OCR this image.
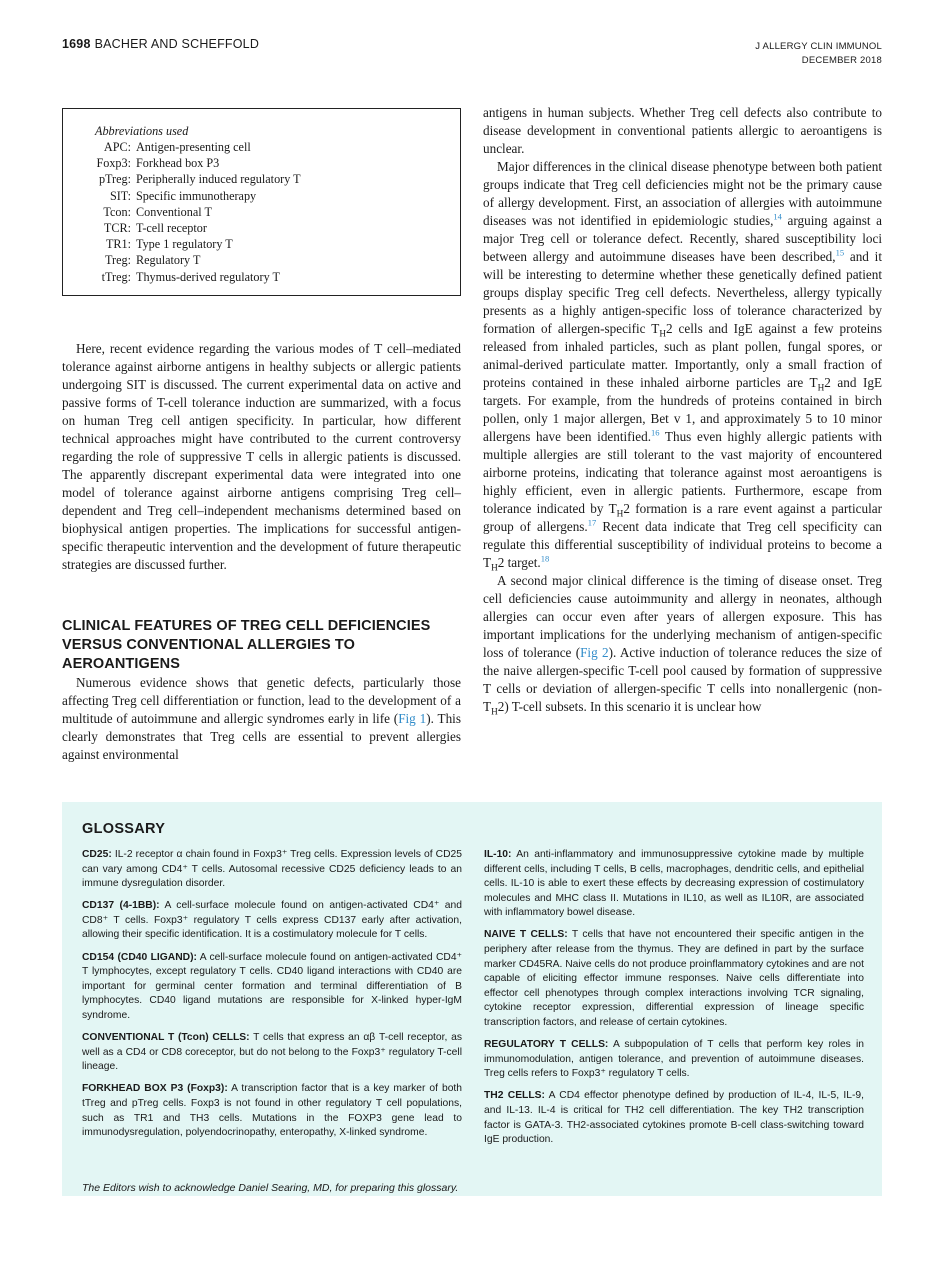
1698 BACHER AND SCHEFFOLD	J ALLERGY CLIN IMMUNOL
DECEMBER 2018
Abbreviations used
APC:	Antigen-presenting cell
Foxp3:	Forkhead box P3
pTreg:	Peripherally induced regulatory T
SIT:	Specific immunotherapy
Tcon:	Conventional T
TCR:	T-cell receptor
TR1:	Type 1 regulatory T
Treg:	Regulatory T
tTreg:	Thymus-derived regulatory T

Here, recent evidence regarding the various modes of T cell–mediated tolerance against airborne antigens in healthy subjects or allergic patients undergoing SIT is discussed. The current experimental data on active and passive forms of T-cell tolerance induction are summarized, with a focus on human Treg cell antigen specificity. In particular, how different technical approaches might have contributed to the current controversy regarding the role of suppressive T cells in allergic patients is discussed. The apparently discrepant experimental data were integrated into one model of tolerance against airborne antigens comprising Treg cell–dependent and Treg cell–independent mechanisms determined based on biophysical antigen properties. The implications for successful antigen-specific therapeutic intervention and the development of future therapeutic strategies are discussed further.

CLINICAL FEATURES OF TREG CELL DEFICIENCIES VERSUS CONVENTIONAL ALLERGIES TO AEROANTIGENS

Numerous evidence shows that genetic defects, particularly those affecting Treg cell differentiation or function, lead to the development of a multitude of autoimmune and allergic syndromes early in life (Fig 1). This clearly demonstrates that Treg cells are essential to prevent allergies against environmental

antigens in human subjects. Whether Treg cell defects also contribute to disease development in conventional patients allergic to aeroantigens is unclear.

Major differences in the clinical disease phenotype between both patient groups indicate that Treg cell deficiencies might not be the primary cause of allergy development. First, an association of allergies with autoimmune diseases was not identified in epidemiologic studies,$^{14}$ arguing against a major Treg cell or tolerance defect. Recently, shared susceptibility loci between allergy and autoimmune diseases have been described,$^{15}$ and it will be interesting to determine whether these genetically defined patient groups display specific Treg cell defects. Nevertheless, allergy typically presents as a highly antigen-specific loss of tolerance characterized by formation of allergen-specific $T_H2$ cells and IgE against a few proteins released from inhaled particles, such as plant pollen, fungal spores, or animal-derived particulate matter. Importantly, only a small fraction of proteins contained in these inhaled airborne particles are $T_H2$ and IgE targets. For example, from the hundreds of proteins contained in birch pollen, only 1 major allergen, Bet v 1, and approximately 5 to 10 minor allergens have been identified.$^{16}$ Thus even highly allergic patients with multiple allergies are still tolerant to the vast majority of encountered airborne proteins, indicating that tolerance against most aeroantigens is highly efficient, even in allergic patients. Furthermore, escape from tolerance indicated by $T_H2$ formation is a rare event against a particular group of allergens.$^{17}$ Recent data indicate that Treg cell specificity can regulate this differential susceptibility of individual proteins to become a $T_H2$ target.$^{18}$

A second major clinical difference is the timing of disease onset. Treg cell deficiencies cause autoimmunity and allergy in neonates, although allergies can occur even after years of allergen exposure. This has important implications for the underlying mechanism of antigen-specific loss of tolerance (Fig 2). Active induction of tolerance reduces the size of the naive allergen-specific T-cell pool caused by formation of suppressive T cells or deviation of allergen-specific T cells into nonallergenic $(non-T_H2)$ T-cell subsets. In this scenario it is unclear how

GLOSSARY
CD25: IL-2 receptor α chain found in Foxp3⁺ Treg cells. Expression levels of CD25 can vary among CD4⁺ T cells. Autosomal recessive CD25 deficiency leads to an immune dysregulation disorder.
CD137 (4-1BB): A cell-surface molecule found on antigen-activated CD4⁺ and CD8⁺ T cells. Foxp3⁺ regulatory T cells express CD137 early after activation, allowing their specific identification. It is a costimulatory molecule for T cells.
CD154 (CD40 LIGAND): A cell-surface molecule found on antigen-activated CD4⁺ T lymphocytes, except regulatory T cells. CD40 ligand interactions with CD40 are important for germinal center formation and terminal differentiation of B lymphocytes. CD40 ligand mutations are responsible for X-linked hyper-IgM syndrome.
CONVENTIONAL T (Tcon) CELLS: T cells that express an αβ T-cell receptor, as well as a CD4 or CD8 coreceptor, but do not belong to the Foxp3⁺ regulatory T-cell lineage.
FORKHEAD BOX P3 (Foxp3): A transcription factor that is a key marker of both tTreg and pTreg cells. Foxp3 is not found in other regulatory T cell populations, such as TR1 and TH3 cells. Mutations in the FOXP3 gene lead to immunodysregulation, polyendocrinopathy, enteropathy, X-linked syndrome.
IL-10: An anti-inflammatory and immunosuppressive cytokine made by multiple different cells, including T cells, B cells, macrophages, dendritic cells, and epithelial cells. IL-10 is able to exert these effects by decreasing expression of costimulatory molecules and MHC class II. Mutations in IL10, as well as IL10R, are associated with inflammatory bowel disease.
NAIVE T CELLS: T cells that have not encountered their specific antigen in the periphery after release from the thymus. They are defined in part by the surface marker CD45RA. Naive cells do not produce proinflammatory cytokines and are not capable of eliciting effector immune responses. Naive cells differentiate into effector cell phenotypes through complex interactions involving TCR signaling, cytokine receptor expression, differential expression of lineage specific transcription factors, and release of certain cytokines.
REGULATORY T CELLS: A subpopulation of T cells that perform key roles in immunomodulation, antigen tolerance, and prevention of autoimmune diseases. Treg cells refers to Foxp3⁺ regulatory T cells.
TH2 CELLS: A CD4 effector phenotype defined by production of IL-4, IL-5, IL-9, and IL-13. IL-4 is critical for TH2 cell differentiation. The key TH2 transcription factor is GATA-3. TH2-associated cytokines promote B-cell class-switching toward IgE production.
The Editors wish to acknowledge Daniel Searing, MD, for preparing this glossary.
